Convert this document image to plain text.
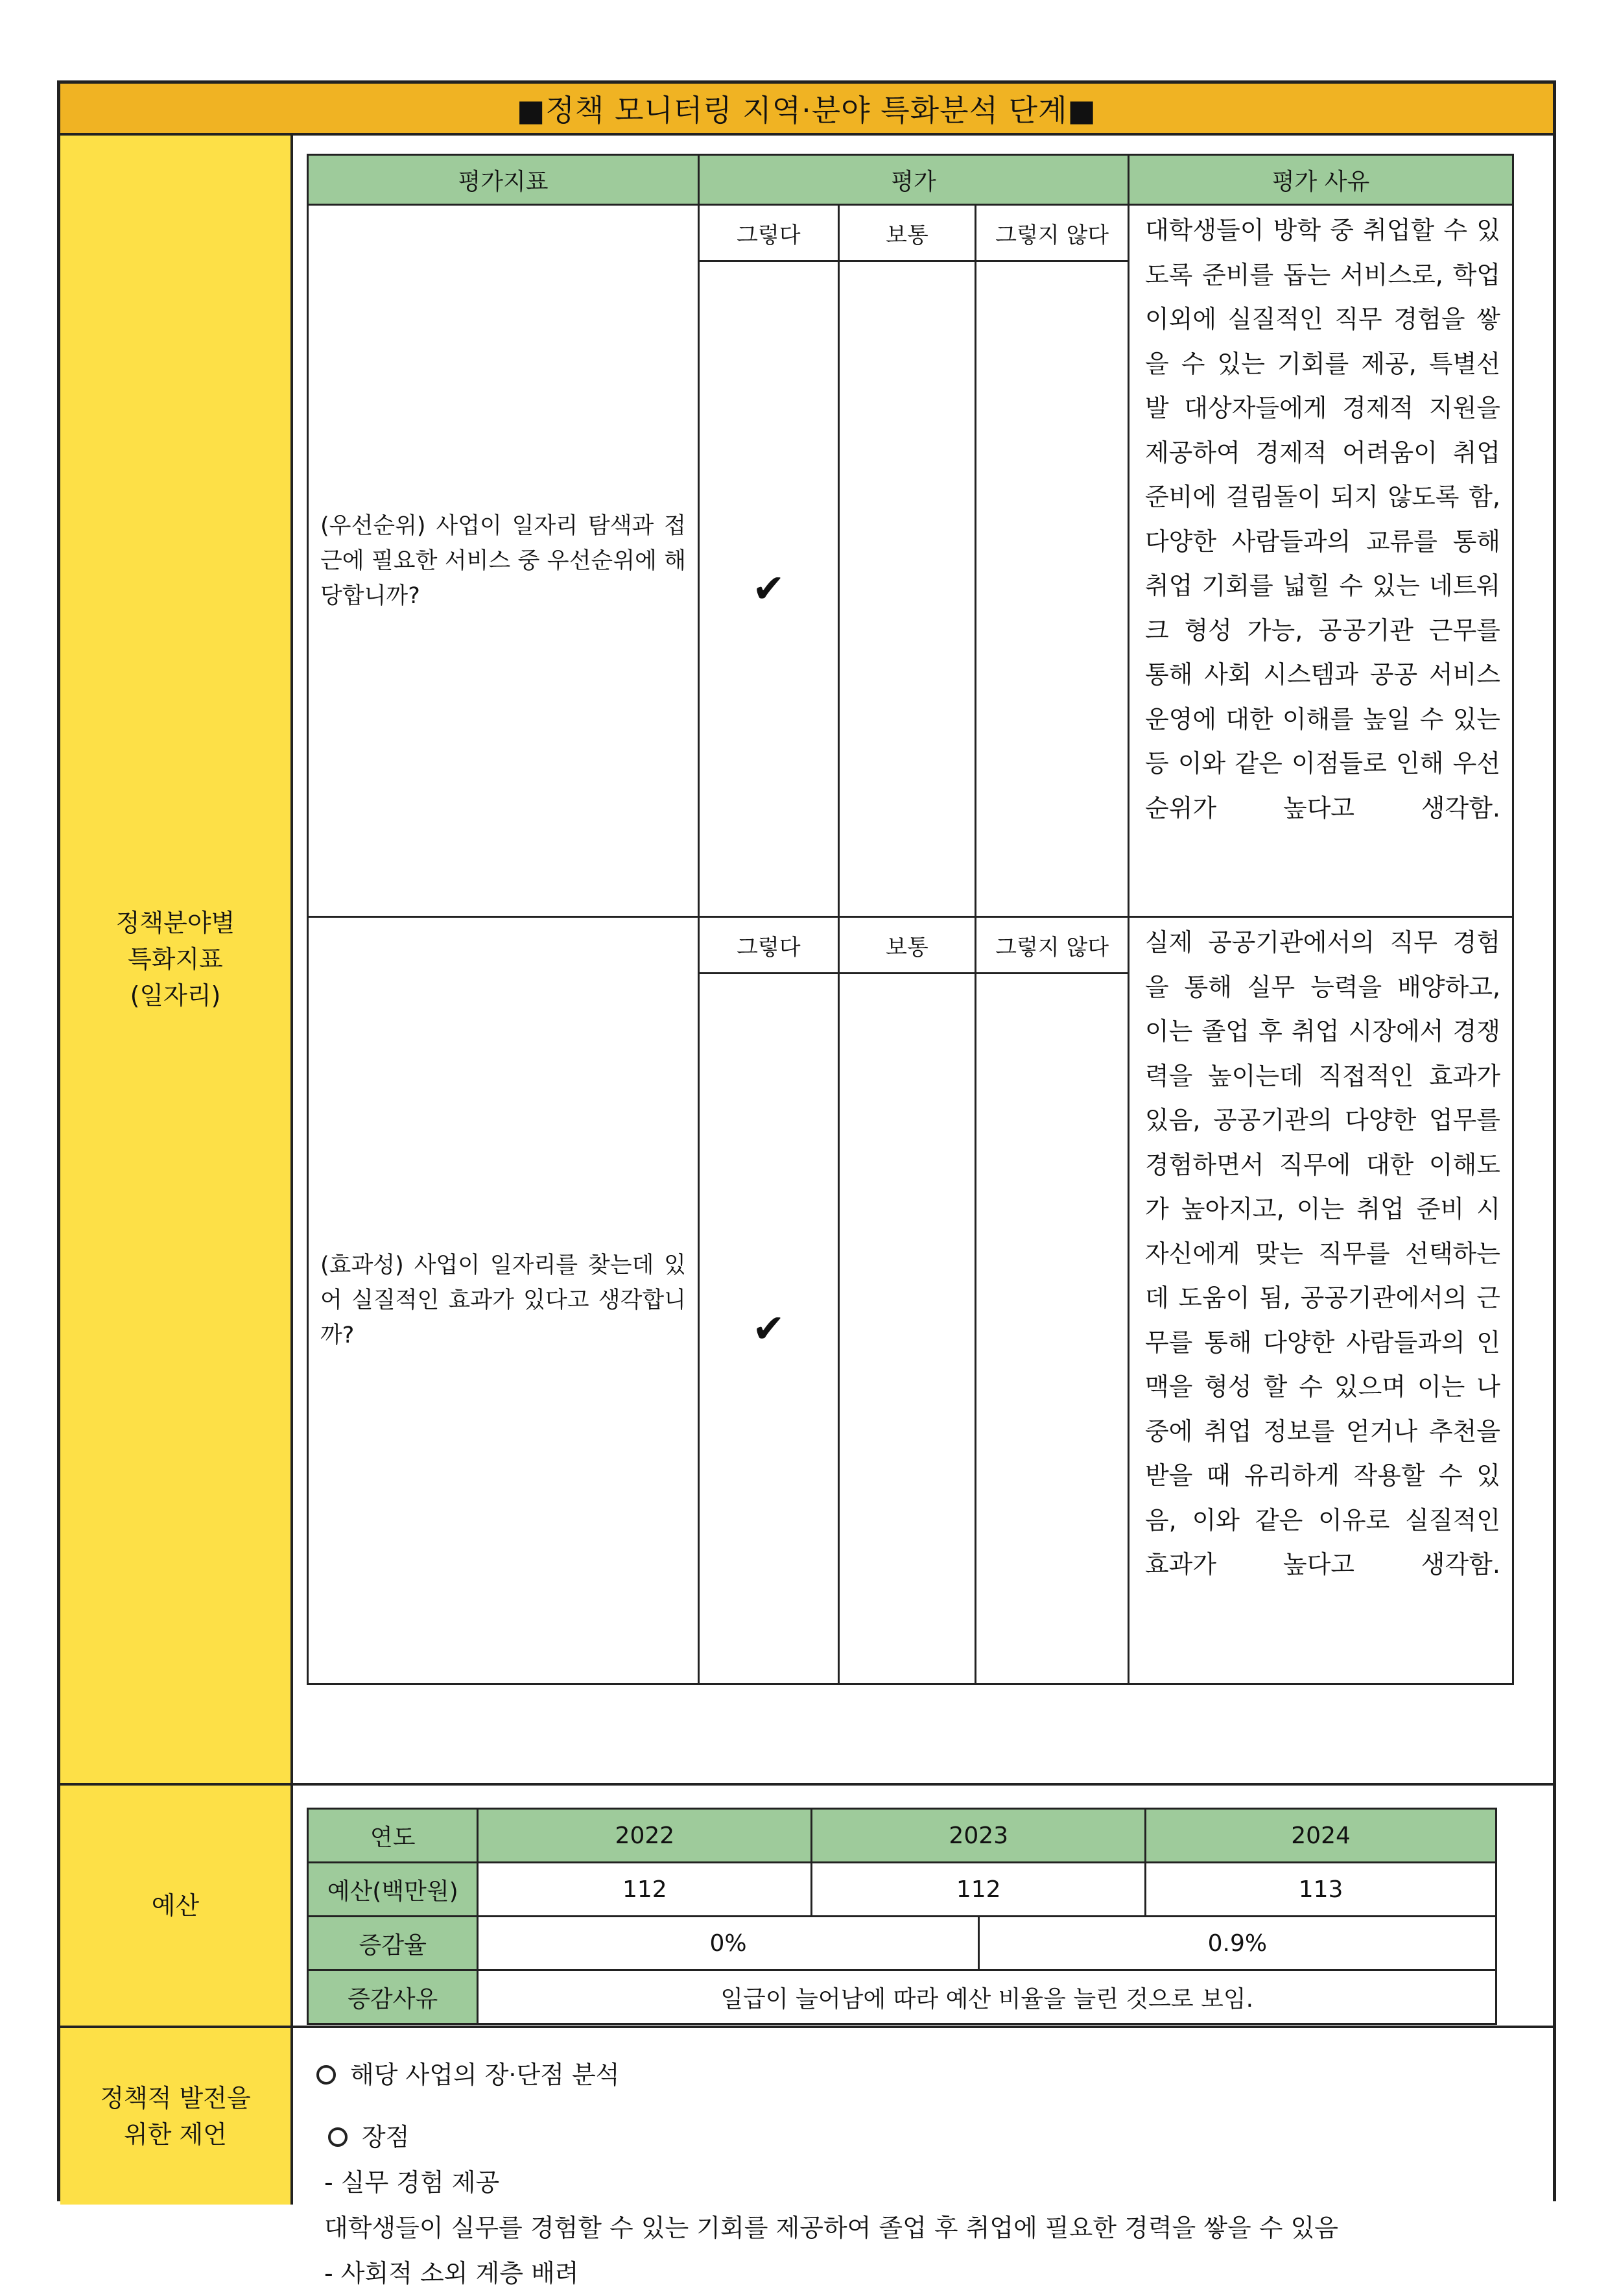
■정책 모니터링 지역·분야 특화분석 단계■
정책분야별
특화지표
(일자리)
예산
정책적 발전을
위한 제언
평가지표	평가			평가 사유
(우선순위) 사업이 일자리 탐색과 접근에 필요한 서비스 중 우선순위에 해당합니까?	그렇다	보통	그렇지 않다	대학생들이 방학 중 취업할 수 있도록 준비를 돕는 서비스로, 학업 이외에 실질적인 직무 경험을 쌓을 수 있는 기회를 제공, 특별선발 대상자들에게 경제적 지원을 제공하여 경제적 어려움이 취업 준비에 걸림돌이 되지 않도록 함, 다양한 사람들과의 교류를 통해 취업 기회를 넓힐 수 있는 네트워크 형성 가능, 공공기관 근무를 통해 사회 시스템과 공공 서비스 운영에 대한 이해를 높일 수 있는 등 이와 같은 이점들로 인해 우선순위가 높다고 생각함.
	✔			
(효과성) 사업이 일자리를 찾는데 있어 실질적인 효과가 있다고 생각합니까?	그렇다	보통	그렇지 않다	실제 공공기관에서의 직무 경험을 통해 실무 능력을 배양하고, 이는 졸업 후 취업 시장에서 경쟁력을 높이는데 직접적인 효과가 있음, 공공기관의 다양한 업무를 경험하면서 직무에 대한 이해도가 높아지고, 이는 취업 준비 시 자신에게 맞는 직무를 선택하는 데 도움이 됨, 공공기관에서의 근무를 통해 다양한 사람들과의 인맥을 형성 할 수 있으며 이는 나중에 취업 정보를 얻거나 추천을 받을 때 유리하게 작용할 수 있음, 이와 같은 이유로 실질적인 효과가 높다고 생각함.
	✔			
연도	2022	2023		2024
예산(백만원)	112	112		113
증감율	0%		0.9%	
증감사유	일급이 늘어남에 따라 예산 비율을 늘린 것으로 보임.			
해당 사업의 장·단점 분석
장점
- 실무 경험 제공
대학생들이 실무를 경험할 수 있는 기회를 제공하여 졸업 후 취업에 필요한 경력을 쌓을 수 있음
- 사회적 소외 계층 배려
